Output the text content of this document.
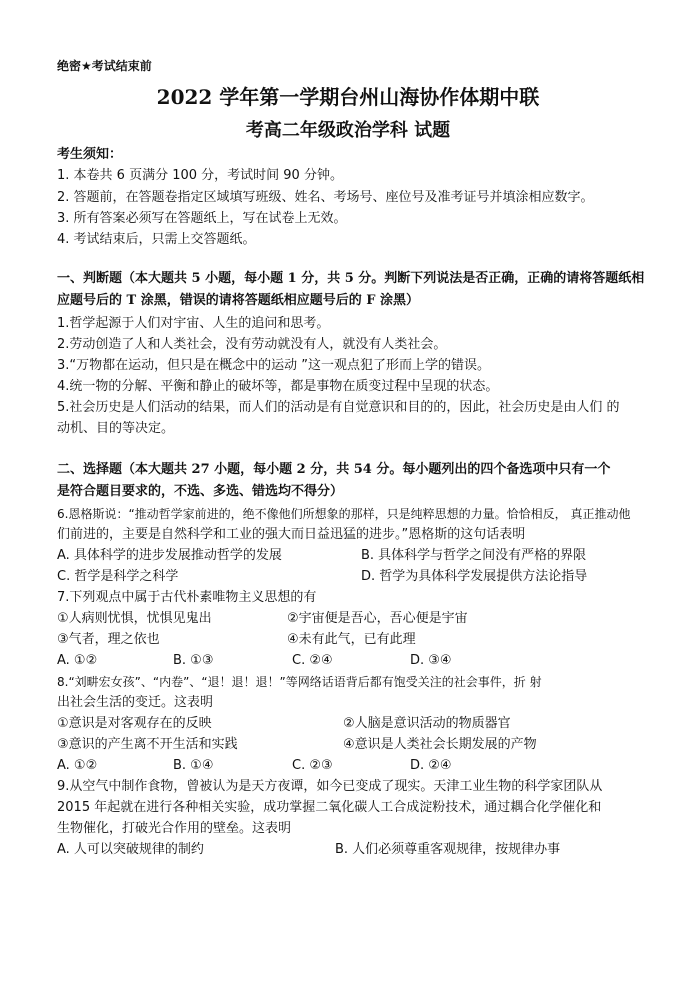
绝密★考试结束前
2022 学年第一学期台州山海协作体期中联
考高二年级政治学科 试题
考生须知：
1. 本卷共 6 页满分 100 分，考试时间 90 分钟。
2. 答题前，在答题卷指定区域填写班级、姓名、考场号、座位号及准考证号并填涂相应数字。
3. 所有答案必须写在答题纸上，写在试卷上无效。
4. 考试结束后，只需上交答题纸。
一、判断题（本大题共 5 小题，每小题 1 分，共 5 分。判断下列说法是否正确，正确的请将答题纸相
应题号后的 T 涂黑，错误的请将答题纸相应题号后的 F 涂黑）
1.哲学起源于人们对宇宙、人生的追问和思考。
2.劳动创造了人和人类社会，没有劳动就没有人，就没有人类社会。
3.“万物都在运动，但只是在概念中的运动 ”这一观点犯了形而上学的错误。
4.统一物的分解、平衡和静止的破坏等，都是事物在质变过程中呈现的状态。
5.社会历史是人们活动的结果，而人们的活动是有自觉意识和目的的，因此，社会历史是由人们 的
动机、目的等决定。
二、选择题（本大题共 27 小题，每小题 2 分，共 54 分。每小题列出的四个备选项中只有一个
是符合题目要求的，不选、多选、错选均不得分）
6.恩格斯说：“推动哲学家前进的，绝不像他们所想象的那样，只是纯粹思想的力量。恰恰相反， 真正推动他
们前进的，主要是自然科学和工业的强大而日益迅猛的进步。”恩格斯的这句话表明
A. 具体科学的进步发展推动哲学的发展	B. 具体科学与哲学之间没有严格的界限
C. 哲学是科学之科学	D. 哲学为具体科学发展提供方法论指导
7.下列观点中属于古代朴素唯物主义思想的有
①人病则忧惧，忧惧见鬼出	②宇宙便是吾心，吾心便是宇宙
③气者，理之依也	④未有此气，已有此理
A. ①②	B. ①③	C. ②④	D. ③④
8.“刘畊宏女孩”、“内卷”、“退！退！退！”等网络话语背后都有饱受关注的社会事件，折 射
出社会生活的变迁。这表明
①意识是对客观存在的反映	②人脑是意识活动的物质器官
③意识的产生离不开生活和实践	④意识是人类社会长期发展的产物
A. ①②	B. ①④	C. ②③	D. ②④
9.从空气中制作食物，曾被认为是天方夜谭，如今已变成了现实。天津工业生物的科学家团队从
2015 年起就在进行各种相关实验，成功掌握二氧化碳人工合成淀粉技术，通过耦合化学催化和
生物催化，打破光合作用的壁垒。这表明
A. 人可以突破规律的制约	B. 人们必须尊重客观规律，按规律办事
